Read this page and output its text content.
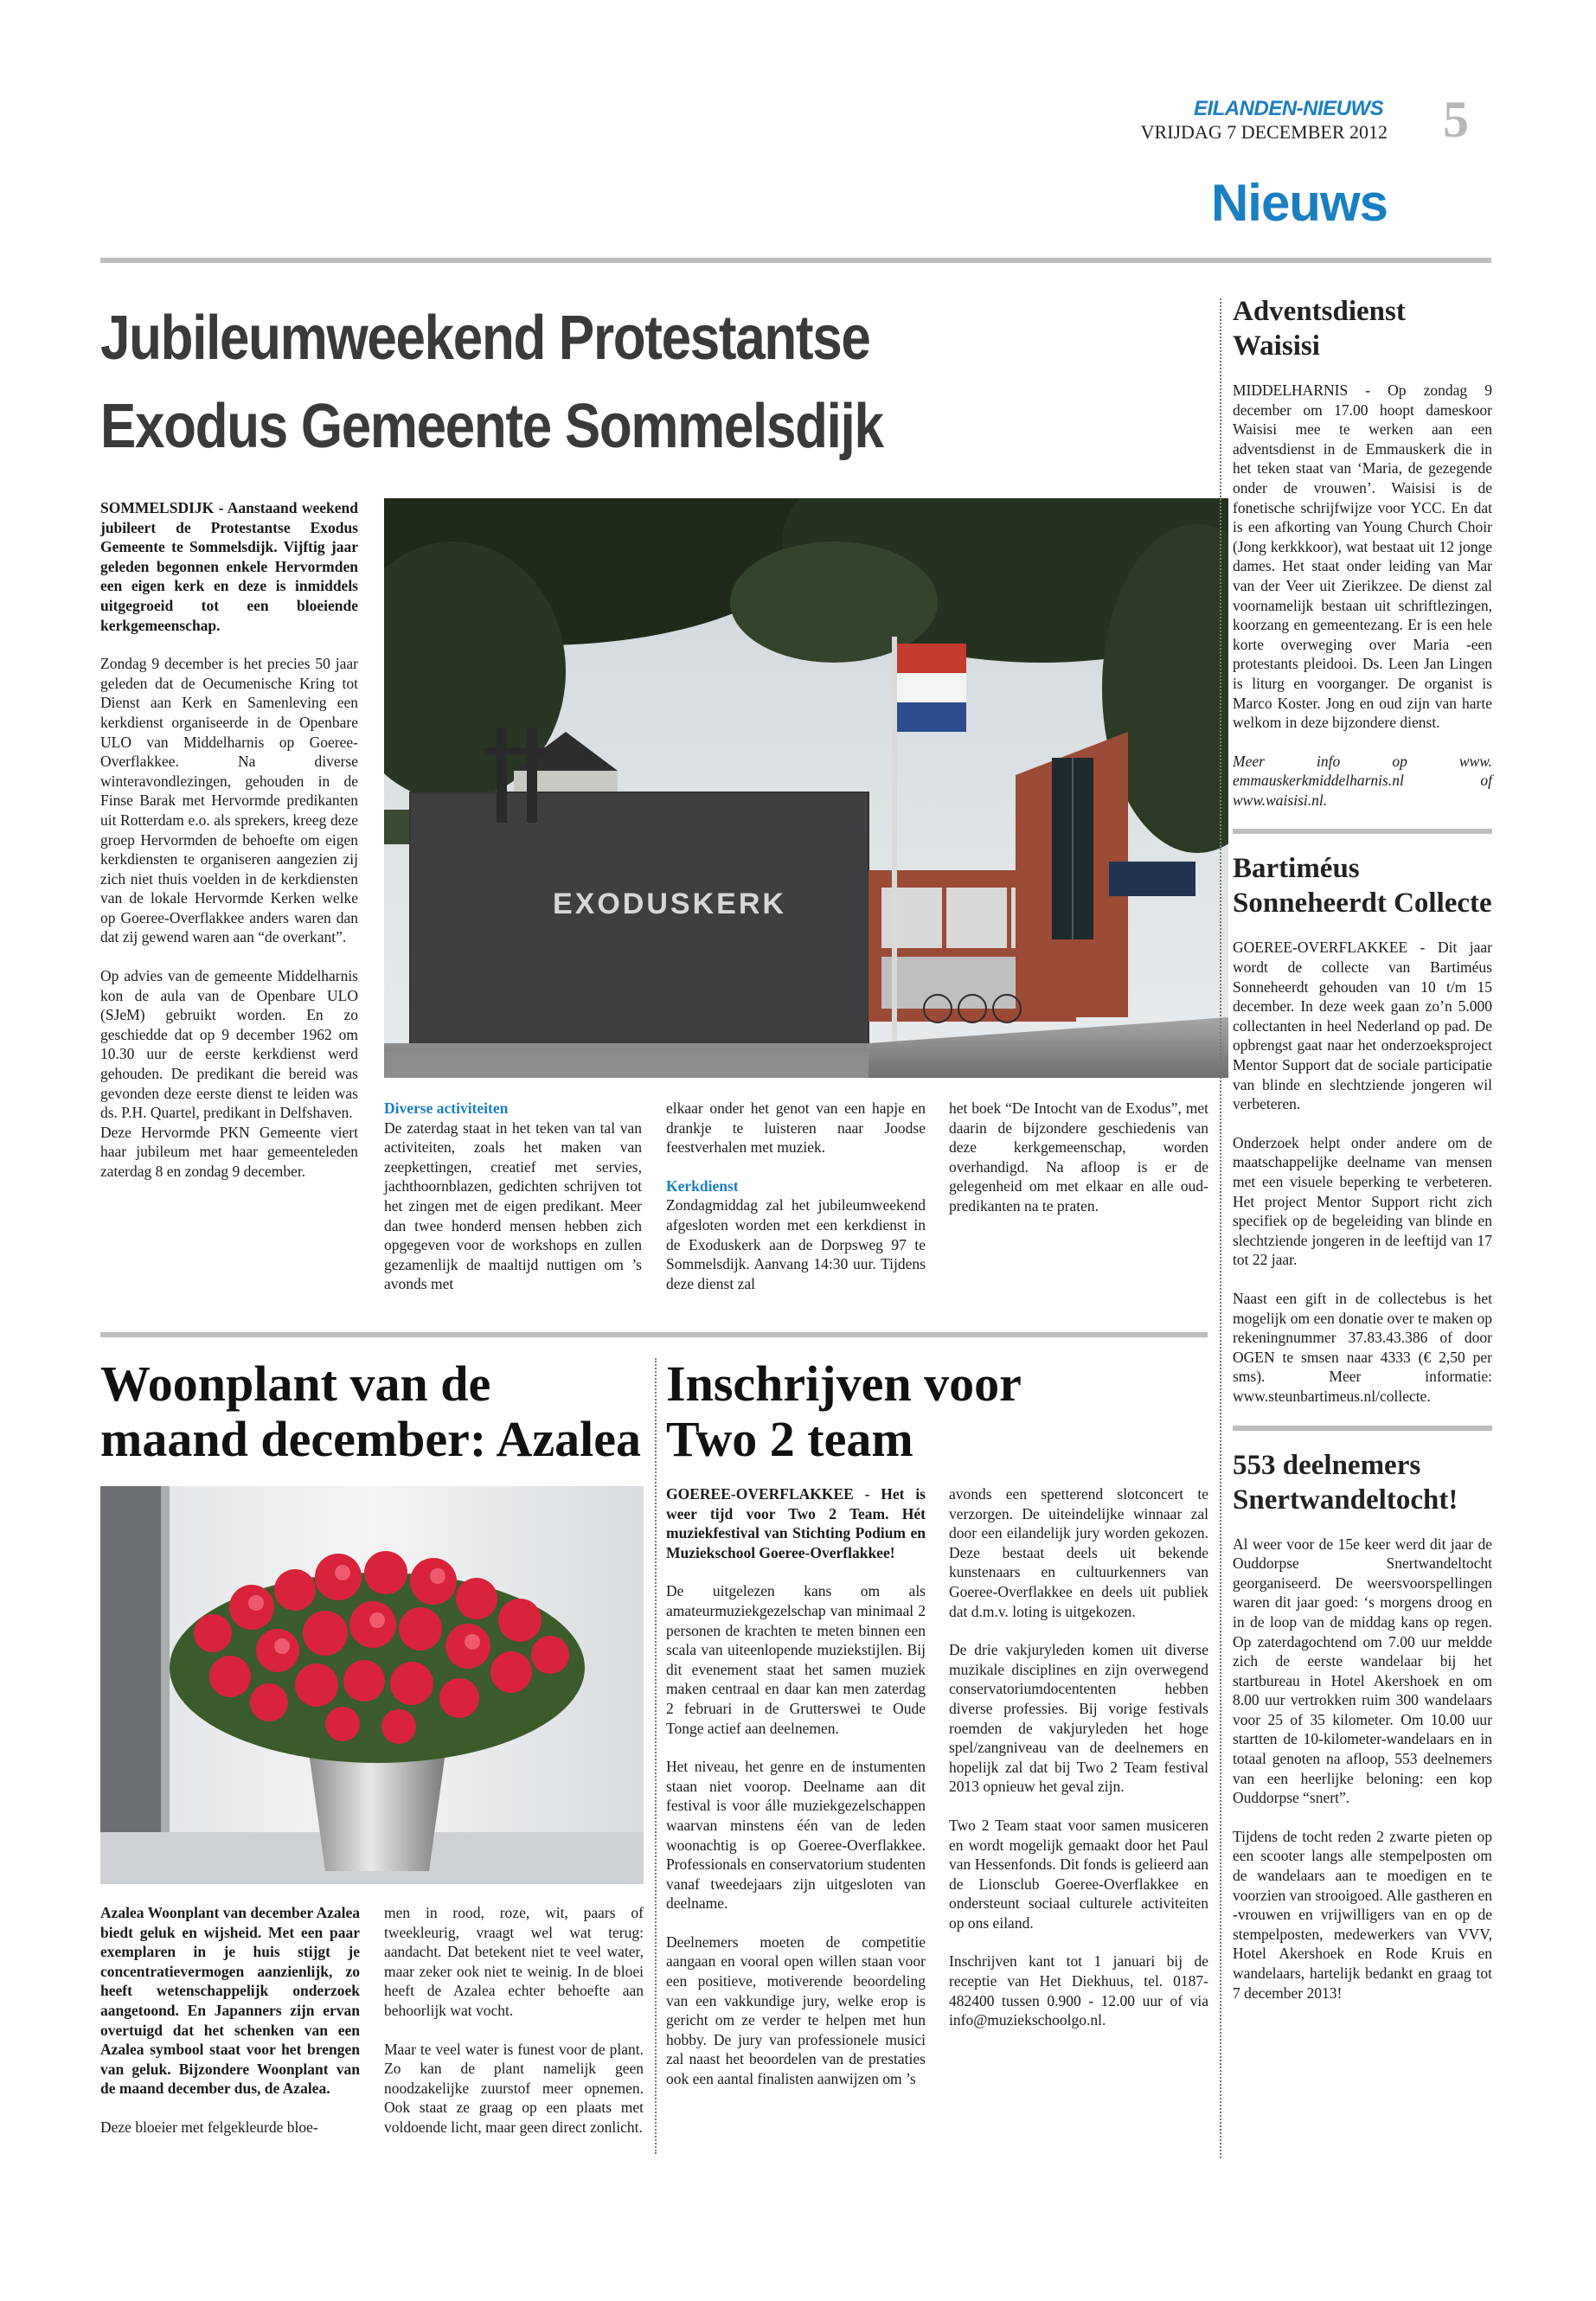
EILANDEN-NIEUWS
VRIJDAG 7 DECEMBER 2012 5
Nieuws
Jubileumweekend Protestantse
Exodus Gemeente Sommelsdijk

SOMMELSDIJK - Aanstaand weekend jubileert de Protestantse Exodus Gemeente te Sommelsdijk. Vijftig jaar geleden begonnen enkele Hervormden een eigen kerk en deze is inmiddels uitgegroeid tot een bloeiende kerkgemeenschap.

Zondag 9 december is het precies 50 jaar geleden dat de Oecumenische Kring tot Dienst aan Kerk en Samenleving een kerkdienst organiseerde in de Openbare ULO van Middelharnis op Goeree-Overflakkee. Na diverse winteravondlezingen, gehouden in de Finse Barak met Hervormde predikanten uit Rotterdam e.o. als sprekers, kreeg deze groep Hervormden de behoefte om eigen kerkdiensten te organiseren aangezien zij zich niet thuis voelden in de kerkdiensten van de lokale Hervormde Kerken welke op Goeree-Overflakkee anders waren dan dat zij gewend waren aan “de overkant”.

Op advies van de gemeente Middelharnis kon de aula van de Openbare ULO (SJeM) gebruikt worden. En zo geschiedde dat op 9 december 1962 om 10.30 uur de eerste kerkdienst werd gehouden. De predikant die bereid was gevonden deze eerste dienst te leiden was ds. P.H. Quartel, predikant in Delfshaven.

Deze Hervormde PKN Gemeente viert haar jubileum met haar gemeenteleden zaterdag 8 en zondag 9 december.

EXODUSKERK
Diverse activiteiten
De zaterdag staat in het teken van tal van activiteiten, zoals het maken van zeepkettingen, creatief met servies, jachthoornblazen, gedichten schrijven tot het zingen met de eigen predikant. Meer dan twee honderd mensen hebben zich opgegeven voor de workshops en zullen gezamenlijk de maaltijd nuttigen om ’s avonds met

elkaar onder het genot van een hapje en drankje te luisteren naar Joodse feestverhalen met muziek.

Kerkdienst
Zondagmiddag zal het jubileumweekend afgesloten worden met een kerkdienst in de Exoduskerk aan de Dorpsweg 97 te Sommelsdijk. Aanvang 14:30 uur. Tijdens deze dienst zal
het boek “De Intocht van de Exodus”, met daarin de bijzondere geschiedenis van deze kerkgemeenschap, worden overhandigd. Na afloop is er de gelegenheid om met elkaar en alle oud-predikanten na te praten.
Woonplant van de
maand december: Azalea

Azalea Woonplant van december Azalea biedt geluk en wijsheid. Met een paar exemplaren in je huis stijgt je concentratievermogen aanzienlijk, zo heeft wetenschappelijk onderzoek aangetoond. En Japanners zijn ervan overtuigd dat het schenken van een Azalea symbool staat voor het brengen van geluk. Bijzondere Woonplant van de maand december dus, de Azalea.

Deze bloeier met felgekleurde bloe-

men in rood, roze, wit, paars of tweekleurig, vraagt wel wat terug: aandacht. Dat betekent niet te veel water, maar zeker ook niet te weinig. In de bloei heeft de Azalea echter behoefte aan behoorlijk wat vocht.

Maar te veel water is funest voor de plant. Zo kan de plant namelijk geen noodzakelijke zuurstof meer opnemen. Ook staat ze graag op een plaats met voldoende licht, maar geen direct zonlicht.

Inschrijven voor
Two 2 team

GOEREE-OVERFLAKKEE - Het is weer tijd voor Two 2 Team. Hét muziekfestival van Stichting Podium en Muziekschool Goeree-Overflakkee!

De uitgelezen kans om als amateurmuziekgezelschap van minimaal 2 personen de krachten te meten binnen een scala van uiteenlopende muziekstijlen. Bij dit evenement staat het samen muziek maken centraal en daar kan men zaterdag 2 februari in de Grutterswei te Oude Tonge actief aan deelnemen.

Het niveau, het genre en de instumenten staan niet voorop. Deelname aan dit festival is voor álle muziekgezelschappen waarvan minstens één van de leden woonachtig is op Goeree-Overflakkee. Professionals en conservatorium studenten vanaf tweedejaars zijn uitgesloten van deelname.

Deelnemers moeten de competitie aangaan en vooral open willen staan voor een positieve, motiverende beoordeling van een vakkundige jury, welke erop is gericht om ze verder te helpen met hun hobby. De jury van professionele musici zal naast het beoordelen van de prestaties ook een aantal finalisten aanwijzen om ’s

avonds een spetterend slotconcert te verzorgen. De uiteindelijke winnaar zal door een eilandelijk jury worden gekozen. Deze bestaat deels uit bekende kunstenaars en cultuurkenners van Goeree-Overflakkee en deels uit publiek dat d.m.v. loting is uitgekozen.

De drie vakjuryleden komen uit diverse muzikale disciplines en zijn overwegend conservatoriumdocententen hebben diverse professies. Bij vorige festivals roemden de vakjuryleden het hoge spel/zangniveau van de deelnemers en hopelijk zal dat bij Two 2 Team festival 2013 opnieuw het geval zijn.

Two 2 Team staat voor samen musiceren en wordt mogelijk gemaakt door het Paul van Hessenfonds. Dit fonds is gelieerd aan de Lionsclub Goeree-Overflakkee en ondersteunt sociaal culturele activiteiten op ons eiland.

Inschrijven kant tot 1 januari bij de receptie van Het Diekhuus, tel. 0187-482400 tussen 0.900 - 12.00 uur of via info@muziekschoolgo.nl.

Adventsdienst Waisisi

MIDDELHARNIS - Op zondag 9 december om 17.00 hoopt dameskoor Waisisi mee te werken aan een adventsdienst in de Emmauskerk die in het teken staat van ‘Maria, de gezegende onder de vrouwen’. Waisisi is de fonetische schrijfwijze voor YCC. En dat is een afkorting van Young Church Choir (Jong kerkkkoor), wat bestaat uit 12 jonge dames. Het staat onder leiding van Mar van der Veer uit Zierikzee. De dienst zal voornamelijk bestaan uit schriftlezingen, koorzang en gemeentezang. Er is een hele korte overweging over Maria -een protestants pleidooi. Ds. Leen Jan Lingen is liturg en voorganger. De organist is Marco Koster. Jong en oud zijn van harte welkom in deze bijzondere dienst.

Meer info op www. emmauskerkmiddelharnis.nl of www.waisisi.nl.

Bartiméus Sonneheerdt Collecte

GOEREE-OVERFLAKKEE - Dit jaar wordt de collecte van Bartiméus Sonneheerdt gehouden van 10 t/m 15 december. In deze week gaan zo’n 5.000 collectanten in heel Nederland op pad. De opbrengst gaat naar het onderzoeksproject Mentor Support dat de sociale participatie van blinde en slechtziende jongeren wil verbeteren.

Onderzoek helpt onder andere om de maatschappelijke deelname van mensen met een visuele beperking te verbeteren. Het project Mentor Support richt zich specifiek op de begeleiding van blinde en slechtziende jongeren in de leeftijd van 17 tot 22 jaar.

Naast een gift in de collectebus is het mogelijk om een donatie over te maken op rekeningnummer 37.83.43.386 of door OGEN te smsen naar 4333 (€ 2,50 per sms). Meer informatie: www.steunbartimeus.nl/collecte.

553 deelnemers Snertwandeltocht!

Al weer voor de 15e keer werd dit jaar de Ouddorpse Snertwandeltocht georganiseerd. De weersvoorspellingen waren dit jaar goed: ‘s morgens droog en in de loop van de middag kans op regen. Op zaterdagochtend om 7.00 uur meldde zich de eerste wandelaar bij het startbureau in Hotel Akershoek en om 8.00 uur vertrokken ruim 300 wandelaars voor 25 of 35 kilometer. Om 10.00 uur startten de 10-kilometer-wandelaars en in totaal genoten na afloop, 553 deelnemers van een heerlijke beloning: een kop Ouddorpse “snert”.

Tijdens de tocht reden 2 zwarte pieten op een scooter langs alle stempelposten om de wandelaars aan te moedigen en te voorzien van strooigoed. Alle gastheren en -vrouwen en vrijwilligers van en op de stempelposten, medewerkers van VVV, Hotel Akershoek en Rode Kruis en wandelaars, hartelijk bedankt en graag tot 7 december 2013!
